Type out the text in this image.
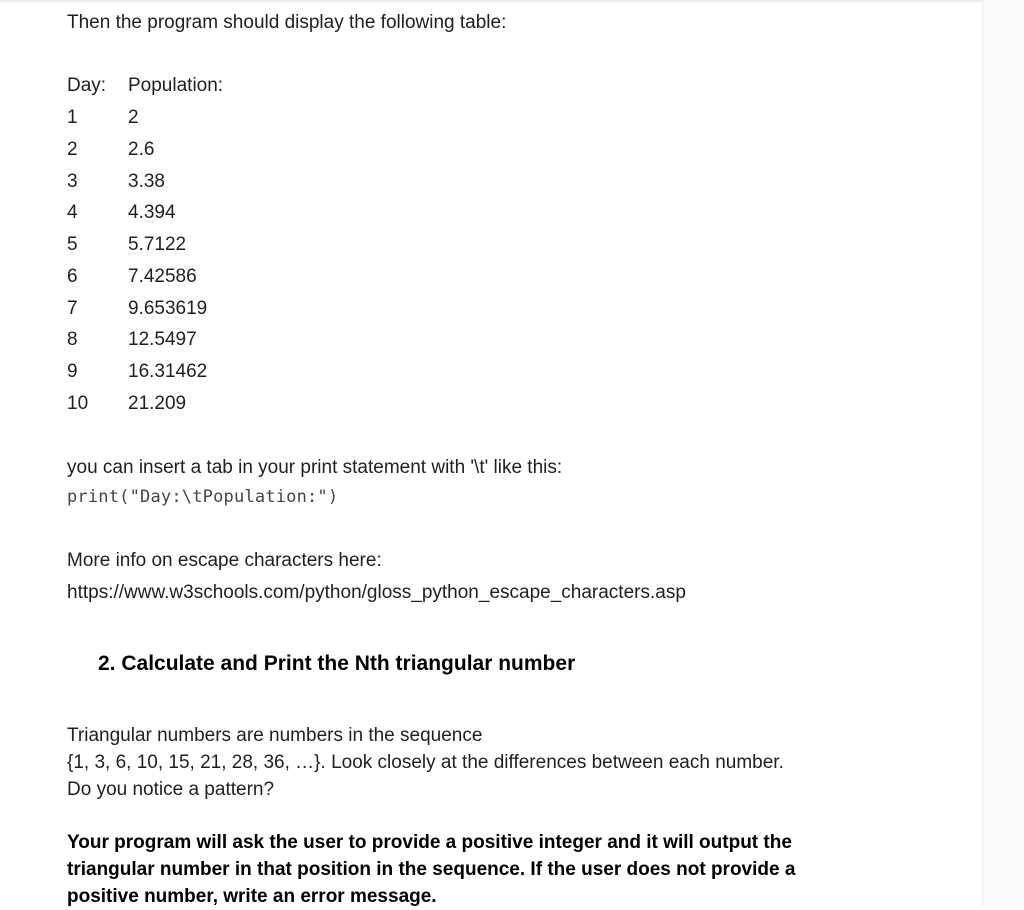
Then the program should display the following table:

Day: Population:
1	2
2	2.6
3	3.38
4	4.394
5	5.7122
6	7.42586
7	9.653619
8	12.5497
9	16.31462
10 21.209

you can insert a tab in your print statement with '\t' like this:

print("Day:\tPopulation:")

More info on escape characters here:

https://www.w3schools.com/python/gloss_python_escape_characters.asp

2. Calculate and Print the Nth triangular number
Triangular numbers are numbers in the sequence
{1, 3, 6, 10, 15, 21, 28, 36, …}. Look closely at the differences between each number.
Do you notice a pattern?
Your program will ask the user to provide a positive integer and it will output the
triangular number in that position in the sequence. If the user does not provide a
positive number, write an error message.
